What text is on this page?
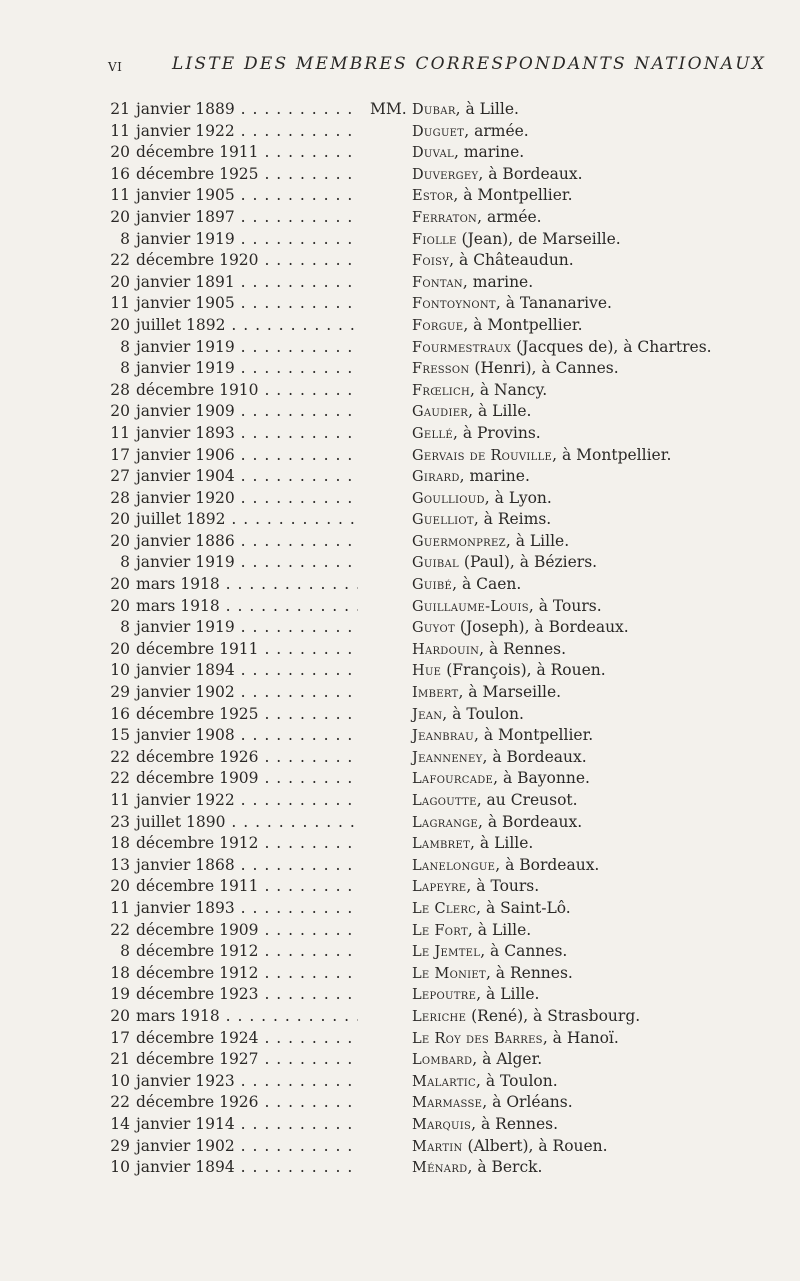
VI	LISTE DES MEMBRES CORRESPONDANTS NATIONAUX
21 janvier 1889 . . .	MM. Dubar, à Lille.
11 janvier 1922 . . .	Duguet, armée.
20 décembre 1911 . . .	Duval, marine.
16 décembre 1925 . . .	Duvergey, à Bordeaux.
11 janvier 1905 . . .	Estor, à Montpellier.
20 janvier 1897 . . .	Ferraton, armée.
8 janvier 1919 . . .	Fiolle (Jean), de Marseille.
22 décembre 1920 . . .	Foisy, à Châteaudun.
20 janvier 1891 . . .	Fontan, marine.
11 janvier 1905 . . .	Fontoynont, à Tananarive.
20 juillet 1892 . . .	Forgue, à Montpellier.
8 janvier 1919 . . .	Fourmestraux (Jacques de), à Chartres.
8 janvier 1919 . . .	Fresson (Henri), à Cannes.
28 décembre 1910 . . .	Frœlich, à Nancy.
20 janvier 1909 . . .	Gaudier, à Lille.
11 janvier 1893 . . .	Gellé, à Provins.
17 janvier 1906 . . .	Gervais de Rouville, à Montpellier.
27 janvier 1904 . . .	Girard, marine.
28 janvier 1920 . . .	Goullioud, à Lyon.
20 juillet 1892 . . .	Guelliot, à Reims.
20 janvier 1886 . . .	Guermonprez, à Lille.
8 janvier 1919 . . .	Guibal (Paul), à Béziers.
20 mars 1918 . . .	Guibé, à Caen.
20 mars 1918 . . .	Guillaume-Louis, à Tours.
8 janvier 1919 . . .	Guyot (Joseph), à Bordeaux.
20 décembre 1911 . . .	Hardouin, à Rennes.
10 janvier 1894 . . .	Hue (François), à Rouen.
29 janvier 1902 . . .	Imbert, à Marseille.
16 décembre 1925 . . .	Jean, à Toulon.
15 janvier 1908 . . .	Jeanbrau, à Montpellier.
22 décembre 1926 . . .	Jeanneney, à Bordeaux.
22 décembre 1909 . . .	Lafourcade, à Bayonne.
11 janvier 1922 . . .	Lagoutte, au Creusot.
23 juillet 1890 . . .	Lagrange, à Bordeaux.
18 décembre 1912 . . .	Lambret, à Lille.
13 janvier 1868 . . .	Lanelongue, à Bordeaux.
20 décembre 1911 . . .	Lapeyre, à Tours.
11 janvier 1893 . . .	Le Clerc, à Saint-Lô.
22 décembre 1909 . . .	Le Fort, à Lille.
8 décembre 1912 . . .	Le Jemtel, à Cannes.
18 décembre 1912 . . .	Le Moniet, à Rennes.
19 décembre 1923 . . .	Lepoutre, à Lille.
20 mars 1918 . . .	Leriche (René), à Strasbourg.
17 décembre 1924 . . .	Le Roy des Barres, à Hanoï.
21 décembre 1927 . . .	Lombard, à Alger.
10 janvier 1923 . . .	Malartic, à Toulon.
22 décembre 1926 . . .	Marmasse, à Orléans.
14 janvier 1914 . . .	Marquis, à Rennes.
29 janvier 1902 . . .	Martin (Albert), à Rouen.
10 janvier 1894 . . .	Ménard, à Berck.
